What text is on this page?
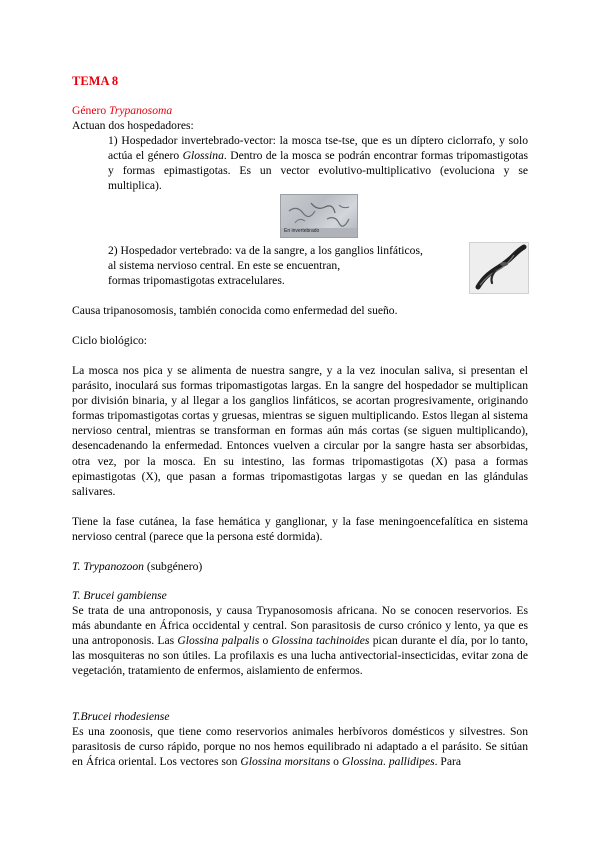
TEMA 8

Género Trypanosoma

Actuan dos hospedadores:

1) Hospedador invertebrado-vector: la mosca tse-tse, que es un díptero ciclorrafo, y solo actúa el género Glossina. Dentro de la mosca se podrán encontrar formas tripomastigotas y formas epimastigotas. Es un vector evolutivo-multiplicativo (evoluciona y se multiplica).

En invertebrado

2) Hospedador vertebrado: va de la sangre, a los ganglios linfáticos,

al sistema nervioso central. En este se encuentran,

formas tripomastigotas extracelulares.

Causa tripanosomosis, también conocida como enfermedad del sueño.

Ciclo biológico:

La mosca nos pica y se alimenta de nuestra sangre, y a la vez inoculan saliva, si presentan el parásito, inoculará sus formas tripomastigotas largas. En la sangre del hospedador se multiplican por división binaria, y al llegar a los ganglios linfáticos, se acortan progresivamente, originando formas tripomastigotas cortas y gruesas, mientras se siguen multiplicando. Estos llegan al sistema nervioso central, mientras se transforman en formas aún más cortas (se siguen multiplicando), desencadenando la enfermedad. Entonces vuelven a circular por la sangre hasta ser absorbidas, otra vez, por la mosca. En su intestino, las formas tripomastigotas (X) pasa a formas epimastigotas (X), que pasan a formas tripomastigotas largas y se quedan en las glándulas salivares.

Tiene la fase cutánea, la fase hemática y ganglionar, y la fase meningoencefalítica en sistema nervioso central (parece que la persona esté dormida).

T. Trypanozoon (subgénero)

T. Brucei gambiense

Se trata de una antroponosis, y causa Trypanosomosis africana. No se conocen reservorios. Es más abundante en África occidental y central. Son parasitosis de curso crónico y lento, ya que es una antroponosis. Las Glossina palpalis o Glossina tachinoides pican durante el día, por lo tanto, las mosquiteras no son útiles. La profilaxis es una lucha antivectorial-insecticidas, evitar zona de vegetación, tratamiento de enfermos, aislamiento de enfermos.

T.Brucei rhodesiense

Es una zoonosis, que tiene como reservorios animales herbívoros domésticos y silvestres. Son parasitosis de curso rápido, porque no nos hemos equilibrado ni adaptado a el parásito. Se sitúan en África oriental. Los vectores son Glossina morsitans o Glossina. pallidipes. Para
